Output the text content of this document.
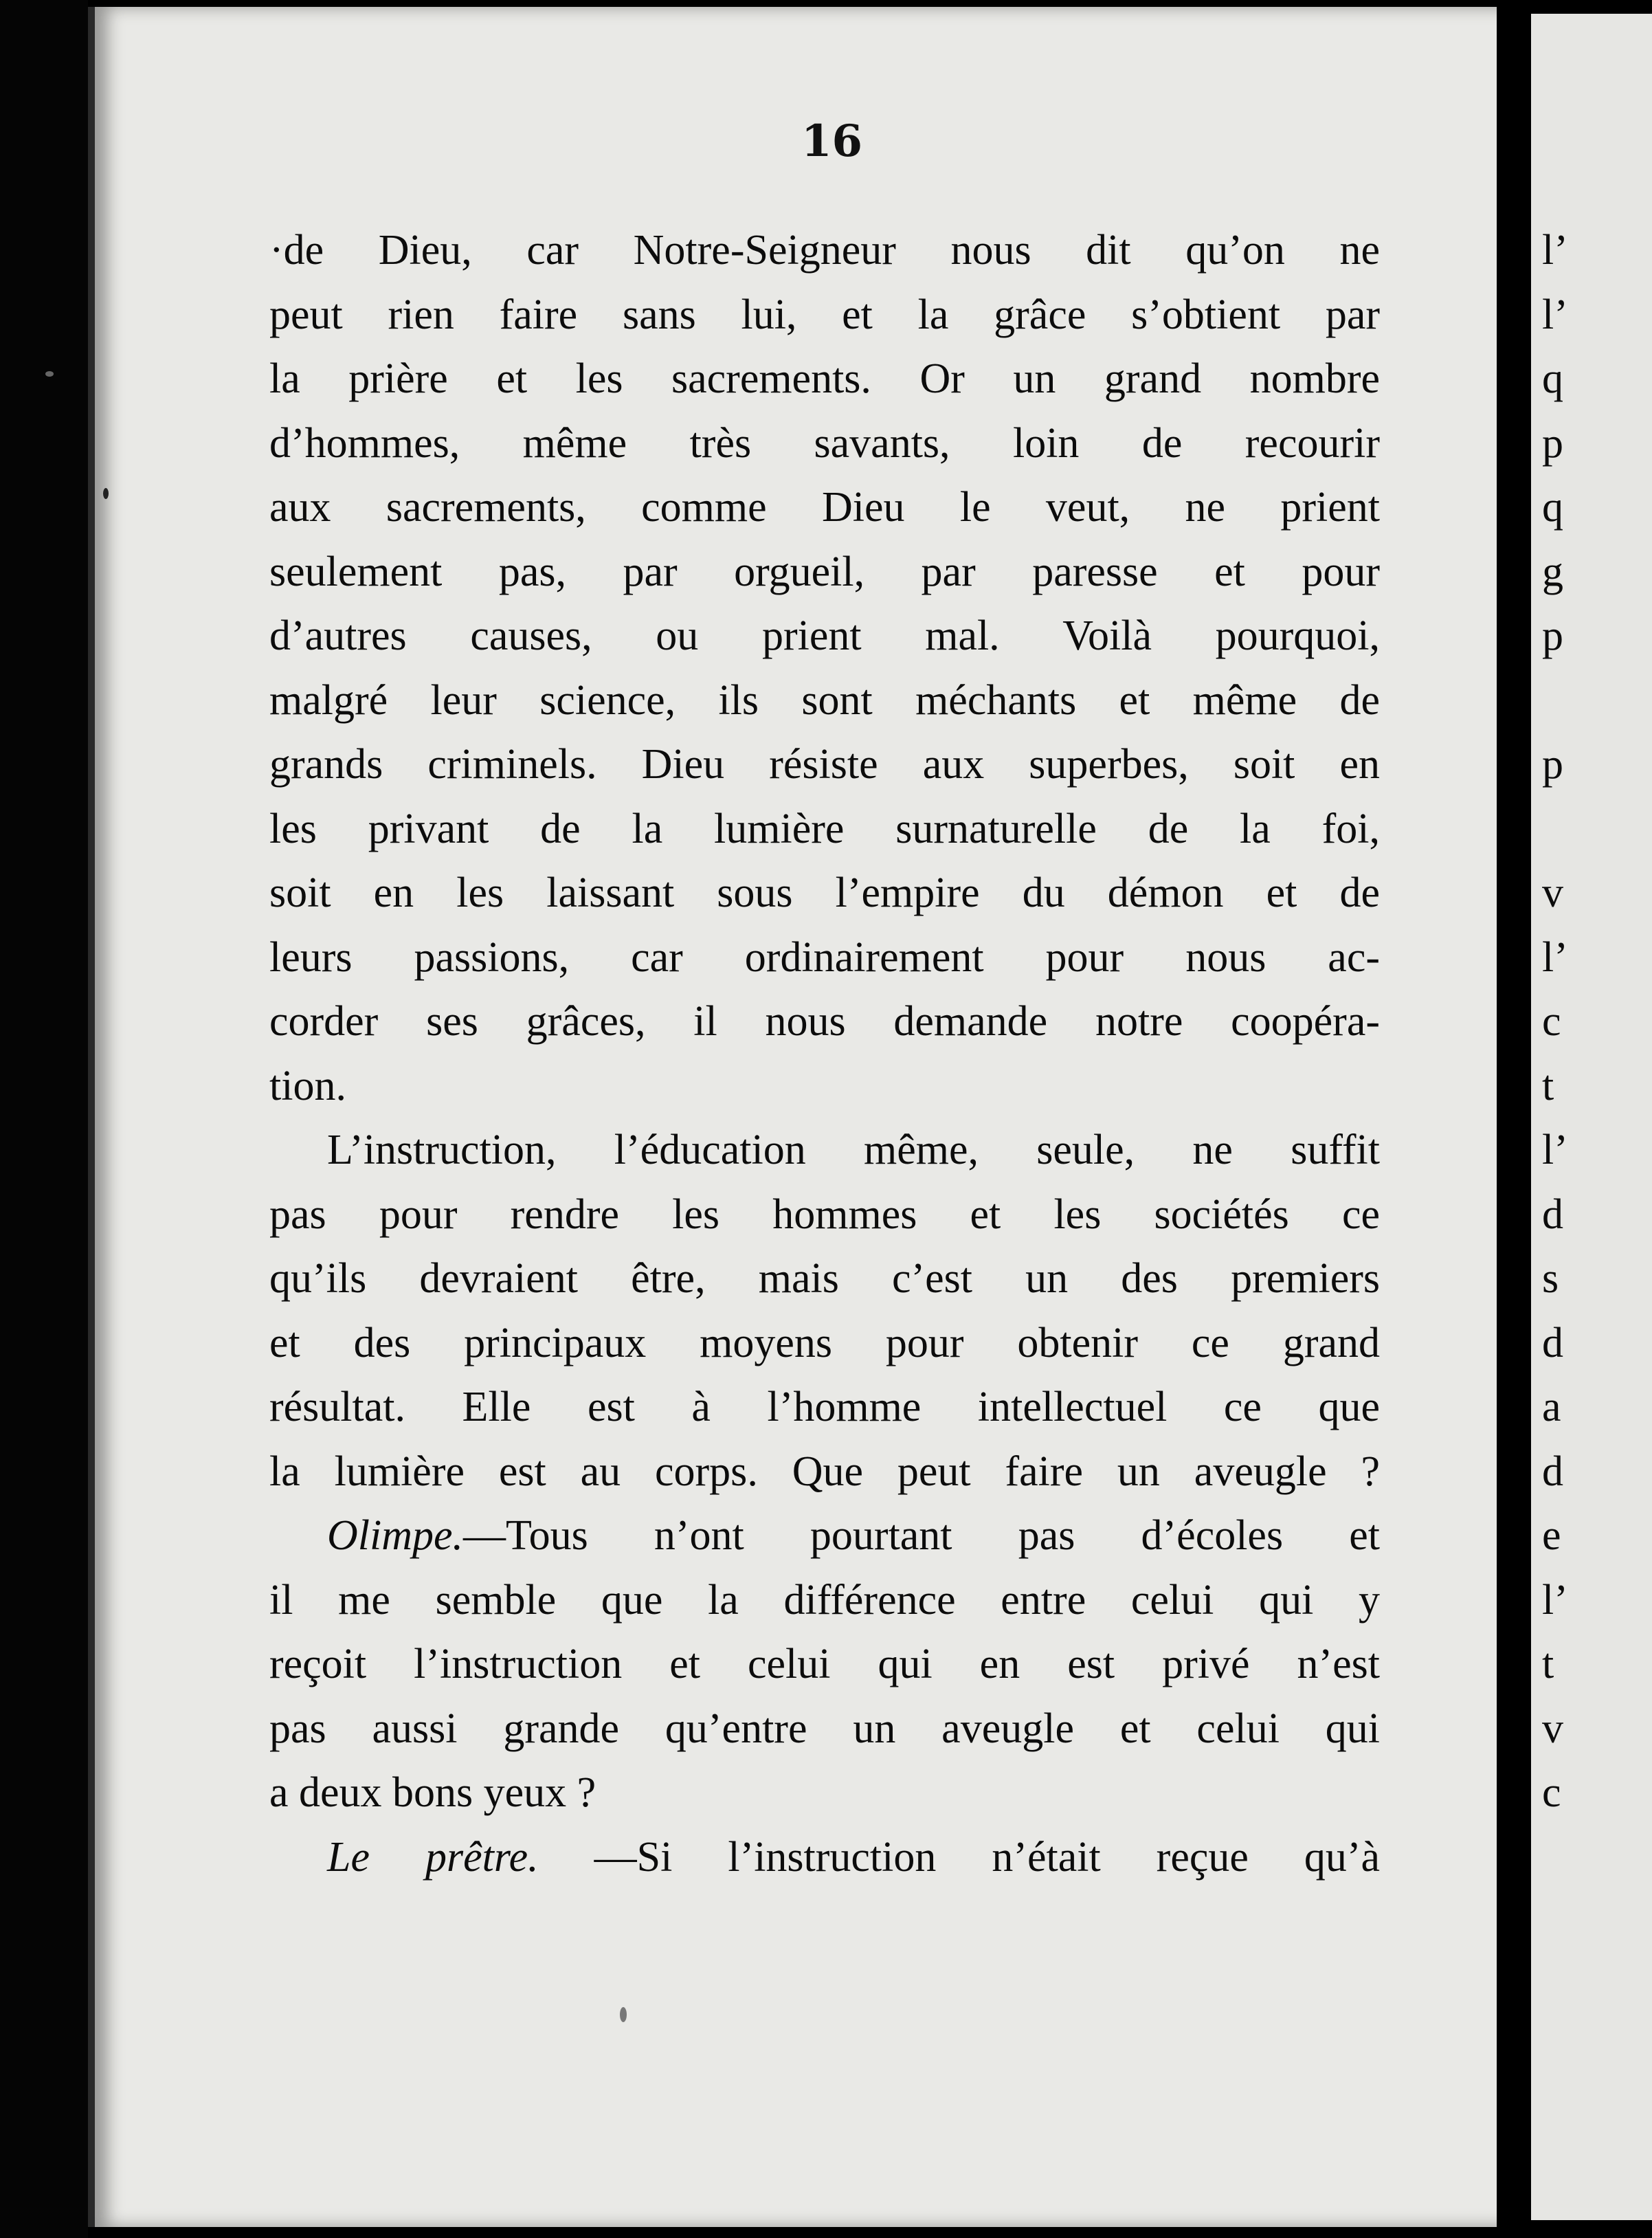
16
·de Dieu, car Notre-Seigneur nous dit qu’on ne
peut rien faire sans lui, et la grâce s’obtient par
la prière et les sacrements. Or un grand nombre
d’hommes, même très savants, loin de recourir
aux sacrements, comme Dieu le veut, ne prient
seulement pas, par orgueil, par paresse et pour
d’autres causes, ou prient mal. Voilà pourquoi,
malgré leur science, ils sont méchants et même de
grands criminels. Dieu résiste aux superbes, soit en
les privant de la lumière surnaturelle de la foi,
soit en les laissant sous l’empire du démon et de
leurs passions, car ordinairement pour nous ac-
corder ses grâces, il nous demande notre coopéra-
tion.
L’instruction, l’éducation même, seule, ne suffit
pas pour rendre les hommes et les sociétés ce
qu’ils devraient être, mais c’est un des premiers
et des principaux moyens pour obtenir ce grand
résultat. Elle est à l’homme intellectuel ce que
la lumière est au corps. Que peut faire un aveugle ?
Olimpe.—Tous n’ont pourtant pas d’écoles et
il me semble que la différence entre celui qui y
reçoit l’instruction et celui qui en est privé n’est
pas aussi grande qu’entre un aveugle et celui qui
a deux bons yeux ?
Le prêtre. —Si l’instruction n’était reçue qu’à
l’
l’
q
p
q
g
p
p
v
l’
c
t
l’
d
s
d
a
d
e
l’
t
v
c
